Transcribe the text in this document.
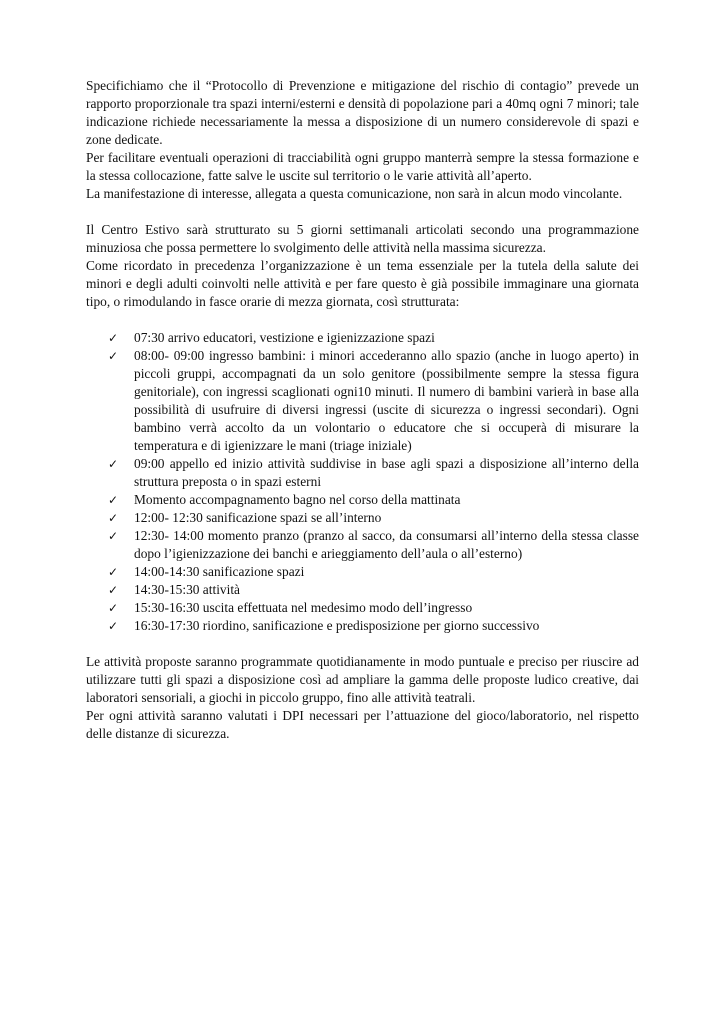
Specifichiamo che il “Protocollo di Prevenzione e mitigazione del rischio di contagio” prevede un rapporto proporzionale tra spazi interni/esterni e densità di popolazione pari a 40mq ogni 7 minori; tale indicazione richiede necessariamente la messa a disposizione di un numero considerevole di spazi e zone dedicate.

Per facilitare eventuali operazioni di tracciabilità ogni gruppo manterrà sempre la stessa formazione e la stessa collocazione, fatte salve le uscite sul territorio o le varie attività all’aperto.

La manifestazione di interesse, allegata a questa comunicazione, non sarà in alcun modo vincolante.

Il Centro Estivo sarà strutturato su 5 giorni settimanali articolati secondo una programmazione minuziosa che possa permettere lo svolgimento delle attività nella massima sicurezza.

Come ricordato in precedenza l’organizzazione è un tema essenziale per la tutela della salute dei minori e degli adulti coinvolti nelle attività e per fare questo è già possibile immaginare una giornata tipo, o rimodulando in fasce orarie di mezza giornata, così strutturata:

✓ 07:30 arrivo educatori, vestizione e igienizzazione spazi
✓ 08:00- 09:00 ingresso bambini: i minori accederanno allo spazio (anche in luogo aperto) in piccoli gruppi, accompagnati da un solo genitore (possibilmente sempre la stessa figura genitoriale), con ingressi scaglionati ogni10 minuti. Il numero di bambini varierà in base alla possibilità di usufruire di diversi ingressi (uscite di sicurezza o ingressi secondari). Ogni bambino verrà accolto da un volontario o educatore che si occuperà di misurare la temperatura e di igienizzare le mani (triage iniziale)
✓ 09:00 appello ed inizio attività suddivise in base agli spazi a disposizione all’interno della struttura preposta o in spazi esterni
✓ Momento accompagnamento bagno nel corso della mattinata
✓ 12:00- 12:30 sanificazione spazi se all’interno
✓ 12:30- 14:00 momento pranzo (pranzo al sacco, da consumarsi all’interno della stessa classe dopo l’igienizzazione dei banchi e arieggiamento dell’aula o all’esterno)
✓ 14:00-14:30 sanificazione spazi
✓ 14:30-15:30 attività
✓ 15:30-16:30 uscita effettuata nel medesimo modo dell’ingresso
✓ 16:30-17:30 riordino, sanificazione e predisposizione per giorno successivo

Le attività proposte saranno programmate quotidianamente in modo puntuale e preciso per riuscire ad utilizzare tutti gli spazi a disposizione così ad ampliare la gamma delle proposte ludico creative, dai laboratori sensoriali, a giochi in piccolo gruppo, fino alle attività teatrali.

Per ogni attività saranno valutati i DPI necessari per l’attuazione del gioco/laboratorio, nel rispetto delle distanze di sicurezza.
